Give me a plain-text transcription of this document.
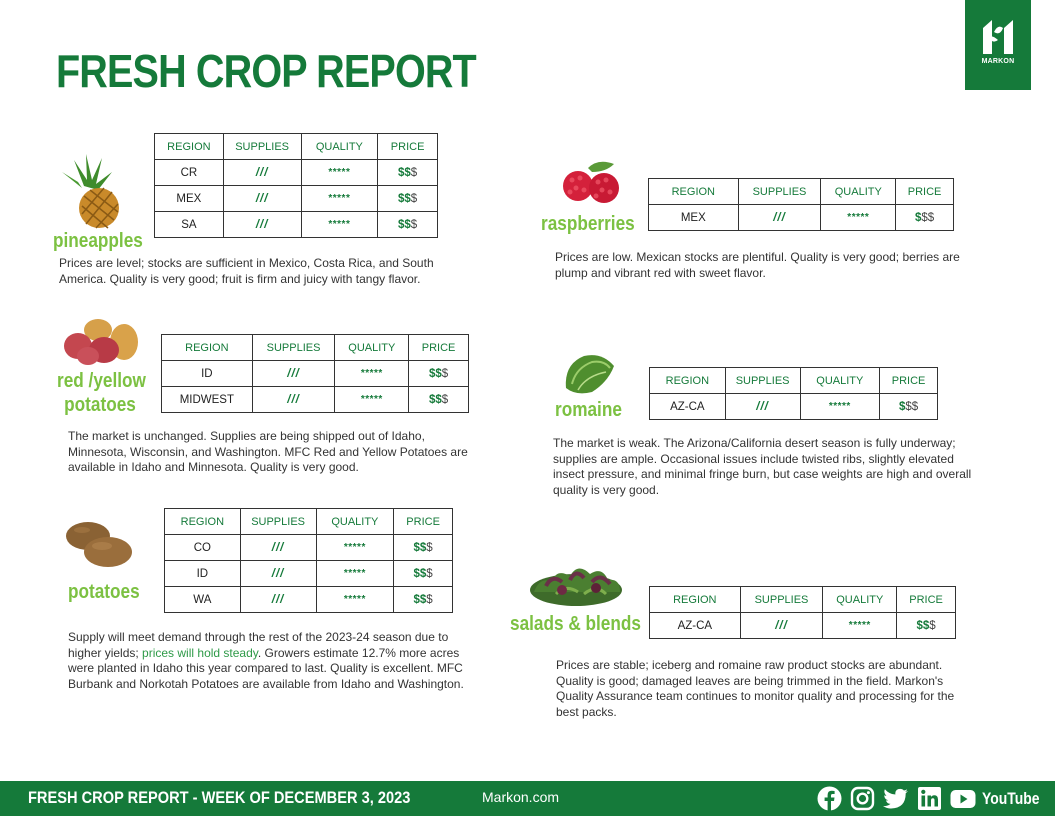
FRESH CROP REPORT	MARKON
pineapples
REGION	SUPPLIES	QUALITY	PRICE
CR	///	*****	$$$
MEX	///	*****	$$$
SA	///	*****	$$$
Prices are level; stocks are sufficient in Mexico, Costa Rica, and South America. Quality is very good; fruit is firm and juicy with tangy flavor.
raspberries
REGION	SUPPLIES	QUALITY	PRICE
MEX	///	*****	$$$
Prices are low. Mexican stocks are plentiful. Quality is very good; berries are plump and vibrant red with sweet flavor.
red /yellow
potatoes
REGION	SUPPLIES	QUALITY	PRICE
ID	///	*****	$$$
MIDWEST	///	*****	$$$
The market is unchanged. Supplies are being shipped out of Idaho, Minnesota, Wisconsin, and Washington. MFC Red and Yellow Potatoes are available in Idaho and Minnesota. Quality is very good.
romaine
REGION	SUPPLIES	QUALITY	PRICE
AZ-CA	///	*****	$$$
The market is weak. The Arizona/California desert season is fully underway; supplies are ample. Occasional issues include twisted ribs, slightly elevated insect pressure, and minimal fringe burn, but case weights are high and overall quality is very good.
potatoes
REGION	SUPPLIES	QUALITY	PRICE
CO	///	*****	$$$
ID	///	*****	$$$
WA	///	*****	$$$
Supply will meet demand through the rest of the 2023-24 season due to higher yields; prices will hold steady. Growers estimate 12.7% more acres were planted in Idaho this year compared to last. Quality is excellent. MFC Burbank and Norkotah Potatoes are available from Idaho and Washington.
salads & blends
REGION	SUPPLIES	QUALITY	PRICE
AZ-CA	///	*****	$$$
Prices are stable; iceberg and romaine raw product stocks are abundant. Quality is good; damaged leaves are being trimmed in the field. Markon's Quality Assurance team continues to monitor quality and processing for the best packs.
FRESH CROP REPORT - WEEK OF DECEMBER 3, 2023	Markon.com	YouTube
